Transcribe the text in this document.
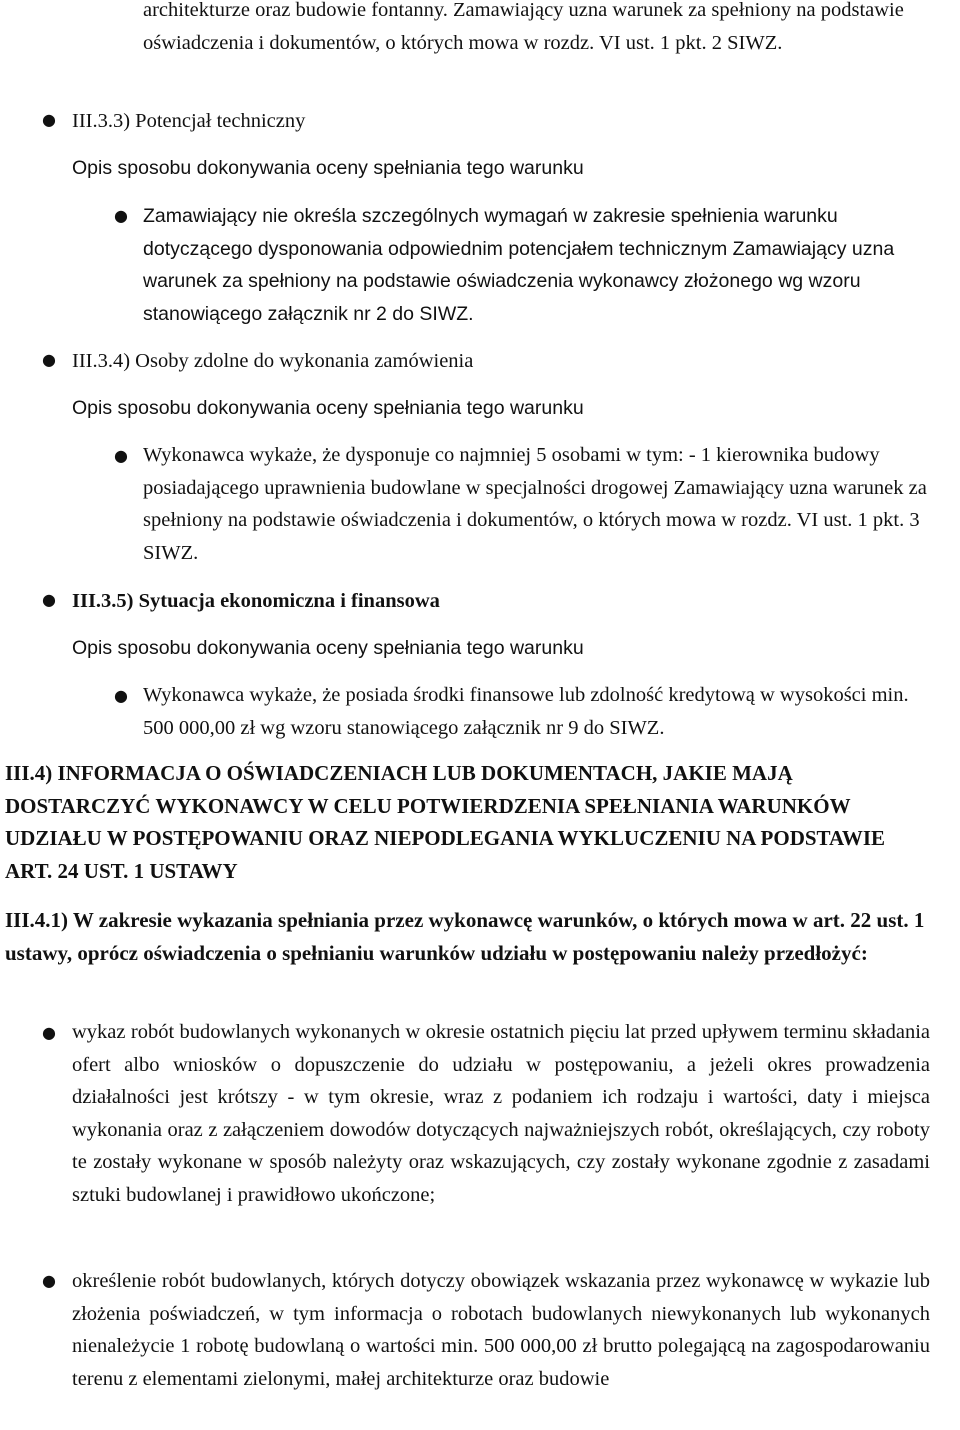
architekturze oraz budowie fontanny. Zamawiający uzna warunek za spełniony na podstawie oświadczenia i dokumentów, o których mowa w rozdz. VI ust. 1 pkt. 2 SIWZ.
● III.3.3) Potencjał techniczny
Opis sposobu dokonywania oceny spełniania tego warunku
● Zamawiający nie określa szczególnych wymagań w zakresie spełnienia warunku dotyczącego dysponowania odpowiednim potencjałem technicznym Zamawiający uzna warunek za spełniony na podstawie oświadczenia wykonawcy złożonego wg wzoru stanowiącego załącznik nr 2 do SIWZ.
● III.3.4) Osoby zdolne do wykonania zamówienia
Opis sposobu dokonywania oceny spełniania tego warunku
● Wykonawca wykaże, że dysponuje co najmniej 5 osobami w tym: - 1 kierownika budowy posiadającego uprawnienia budowlane w specjalności drogowej Zamawiający uzna warunek za spełniony na podstawie oświadczenia i dokumentów, o których mowa w rozdz. VI ust. 1 pkt. 3 SIWZ.
● III.3.5) Sytuacja ekonomiczna i finansowa
Opis sposobu dokonywania oceny spełniania tego warunku
● Wykonawca wykaże, że posiada środki finansowe lub zdolność kredytową w wysokości min. 500 000,00 zł wg wzoru stanowiącego załącznik nr 9 do SIWZ.
III.4) INFORMACJA O OŚWIADCZENIACH LUB DOKUMENTACH, JAKIE MAJĄ DOSTARCZYĆ WYKONAWCY W CELU POTWIERDZENIA SPEŁNIANIA WARUNKÓW UDZIAŁU W POSTĘPOWANIU ORAZ NIEPODLEGANIA WYKLUCZENIU NA PODSTAWIE ART. 24 UST. 1 USTAWY
III.4.1) W zakresie wykazania spełniania przez wykonawcę warunków, o których mowa w art. 22 ust. 1 ustawy, oprócz oświadczenia o spełnianiu warunków udziału w postępowaniu należy przedłożyć:
● wykaz robót budowlanych wykonanych w okresie ostatnich pięciu lat przed upływem terminu składania ofert albo wniosków o dopuszczenie do udziału w postępowaniu, a jeżeli okres prowadzenia działalności jest krótszy - w tym okresie, wraz z podaniem ich rodzaju i wartości, daty i miejsca wykonania oraz z załączeniem dowodów dotyczących najważniejszych robót, określających, czy roboty te zostały wykonane w sposób należyty oraz wskazujących, czy zostały wykonane zgodnie z zasadami sztuki budowlanej i prawidłowo ukończone;
● określenie robót budowlanych, których dotyczy obowiązek wskazania przez wykonawcę w wykazie lub złożenia poświadczeń, w tym informacja o robotach budowlanych niewykonanych lub wykonanych nienależycie 1 robotę budowlaną o wartości min. 500 000,00 zł brutto polegającą na zagospodarowaniu terenu z elementami zielonymi, małej architekturze oraz budowie
